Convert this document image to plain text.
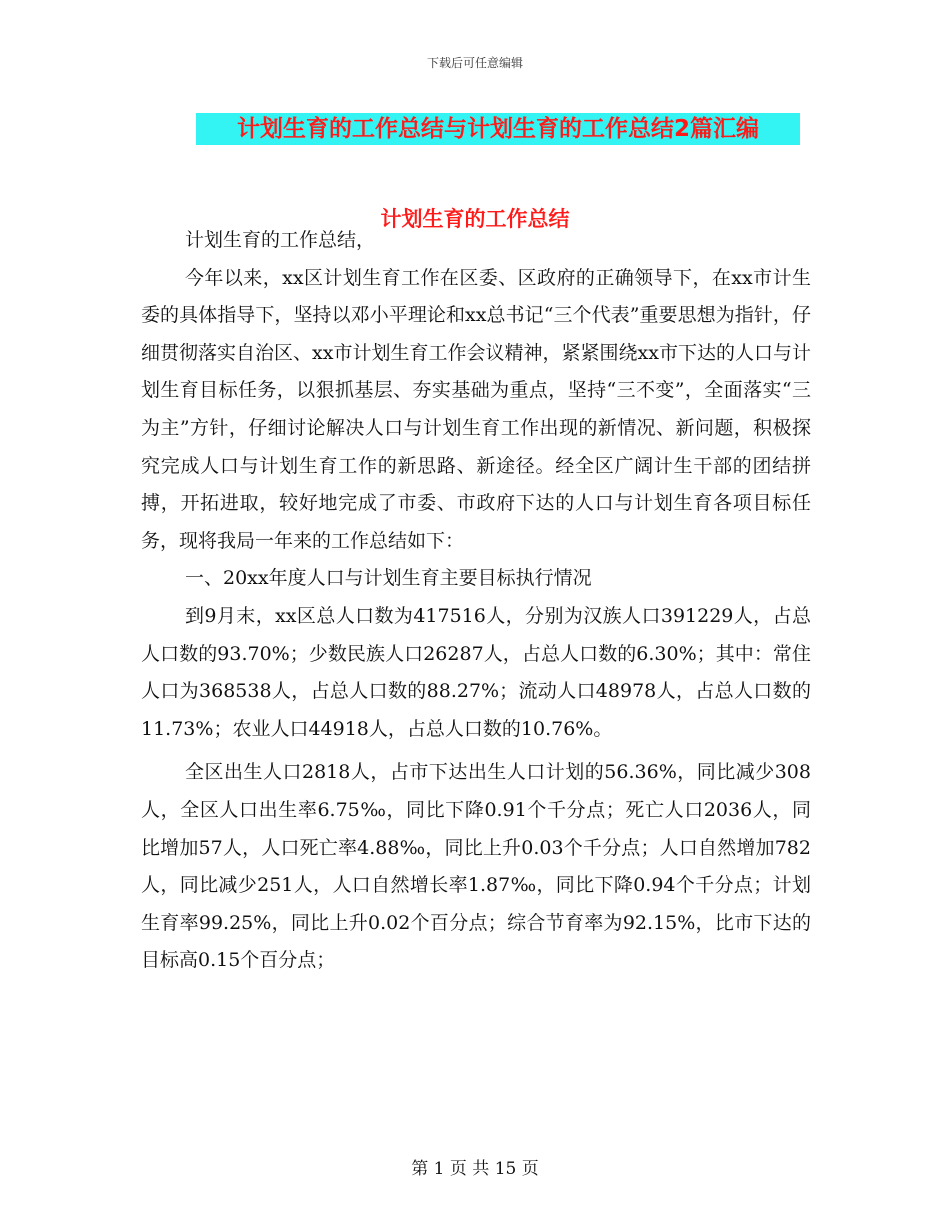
下载后可任意编辑
计划生育的工作总结与计划生育的工作总结2篇汇编
计划生育的工作总结

计划生育的工作总结，

今年以来，xx区计划生育工作在区委、区政府的正确领导下，在xx市计生委的具体指导下，坚持以邓小平理论和xx总书记“三个代表”重要思想为指针，仔细贯彻落实自治区、xx市计划生育工作会议精神，紧紧围绕xx市下达的人口与计划生育目标任务，以狠抓基层、夯实基础为重点，坚持“三不变”，全面落实“三为主”方针，仔细讨论解决人口与计划生育工作出现的新情况、新问题，积极探究完成人口与计划生育工作的新思路、新途径。经全区广阔计生干部的团结拼搏，开拓进取，较好地完成了市委、市政府下达的人口与计划生育各项目标任务，现将我局一年来的工作总结如下：

一、20xx年度人口与计划生育主要目标执行情况

到9月末，xx区总人口数为417516人，分别为汉族人口391229人，占总人口数的93.70%；少数民族人口26287人，占总人口数的6.30%；其中：常住人口为368538人，占总人口数的88.27%；流动人口48978人，占总人口数的11.73%；农业人口44918人，占总人口数的10.76%。

全区出生人口2818人，占市下达出生人口计划的56.36%，同比减少308人，全区人口出生率6.75‰，同比下降0.91个千分点；死亡人口2036人，同比增加57人，人口死亡率4.88‰，同比上升0.03个千分点；人口自然增加782人，同比减少251人，人口自然增长率1.87‰，同比下降0.94个千分点；计划生育率99.25%，同比上升0.02个百分点；综合节育率为92.15%，比市下达的目标高0.15个百分点；

第 1 页 共 15 页
